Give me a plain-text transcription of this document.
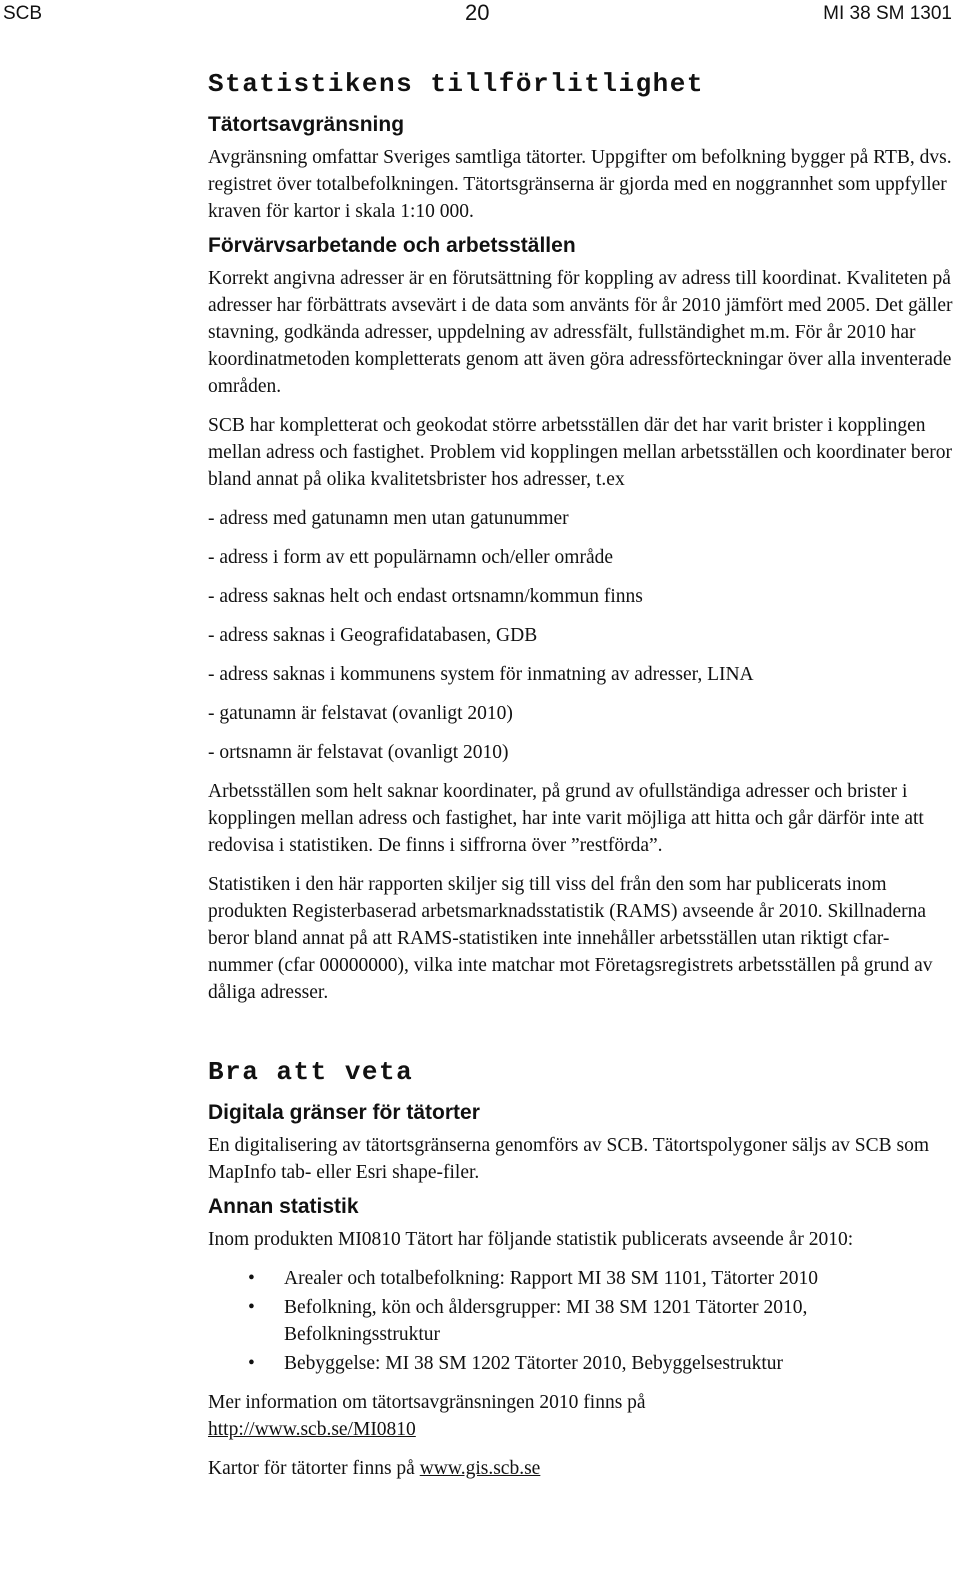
SCB	20	MI 38 SM 1301
Statistikens tillförlitlighet
Tätortsavgränsning

Avgränsning omfattar Sveriges samtliga tätorter. Uppgifter om befolkning bygger på RTB, dvs. registret över totalbefolkningen. Tätortsgränserna är gjorda med en noggrannhet som uppfyller kraven för kartor i skala 1:10 000.

Förvärvsarbetande och arbetsställen

Korrekt angivna adresser är en förutsättning för koppling av adress till koordinat. Kvaliteten på adresser har förbättrats avsevärt i de data som använts för år 2010 jämfört med 2005. Det gäller stavning, godkända adresser, uppdelning av adressfält, fullständighet m.m. För år 2010 har koordinatmetoden kompletterats genom att även göra adressförteckningar över alla inventerade områden.

SCB har kompletterat och geokodat större arbetsställen där det har varit brister i kopplingen mellan adress och fastighet. Problem vid kopplingen mellan arbetsställen och koordinater beror bland annat på olika kvalitetsbrister hos adresser, t.ex

- adress med gatunamn men utan gatunummer
- adress i form av ett populärnamn och/eller område
- adress saknas helt och endast ortsnamn/kommun finns
- adress saknas i Geografidatabasen, GDB
- adress saknas i kommunens system för inmatning av adresser, LINA
- gatunamn är felstavat (ovanligt 2010)
- ortsnamn är felstavat (ovanligt 2010)

Arbetsställen som helt saknar koordinater, på grund av ofullständiga adresser och brister i kopplingen mellan adress och fastighet, har inte varit möjliga att hitta och går därför inte att redovisa i statistiken. De finns i siffrorna över ”restförda”.

Statistiken i den här rapporten skiljer sig till viss del från den som har publicerats inom produkten Registerbaserad arbetsmarknadsstatistik (RAMS) avseende år 2010. Skillnaderna beror bland annat på att RAMS-statistiken inte innehåller arbetsställen utan riktigt cfar-nummer (cfar 00000000), vilka inte matchar mot Företagsregistrets arbetsställen på grund av dåliga adresser.

Bra att veta
Digitala gränser för tätorter

En digitalisering av tätortsgränserna genomförs av SCB. Tätortspolygoner säljs av SCB som MapInfo tab- eller Esri shape-filer.

Annan statistik

Inom produkten MI0810 Tätort har följande statistik publicerats avseende år 2010:

• Arealer och totalbefolkning: Rapport MI 38 SM 1101, Tätorter 2010
• Befolkning, kön och åldersgrupper: MI 38 SM 1201 Tätorter 2010, Befolkningsstruktur
• Bebyggelse: MI 38 SM 1202 Tätorter 2010, Bebyggelsestruktur

Mer information om tätortsavgränsningen 2010 finns på
http://www.scb.se/MI0810

Kartor för tätorter finns på www.gis.scb.se
